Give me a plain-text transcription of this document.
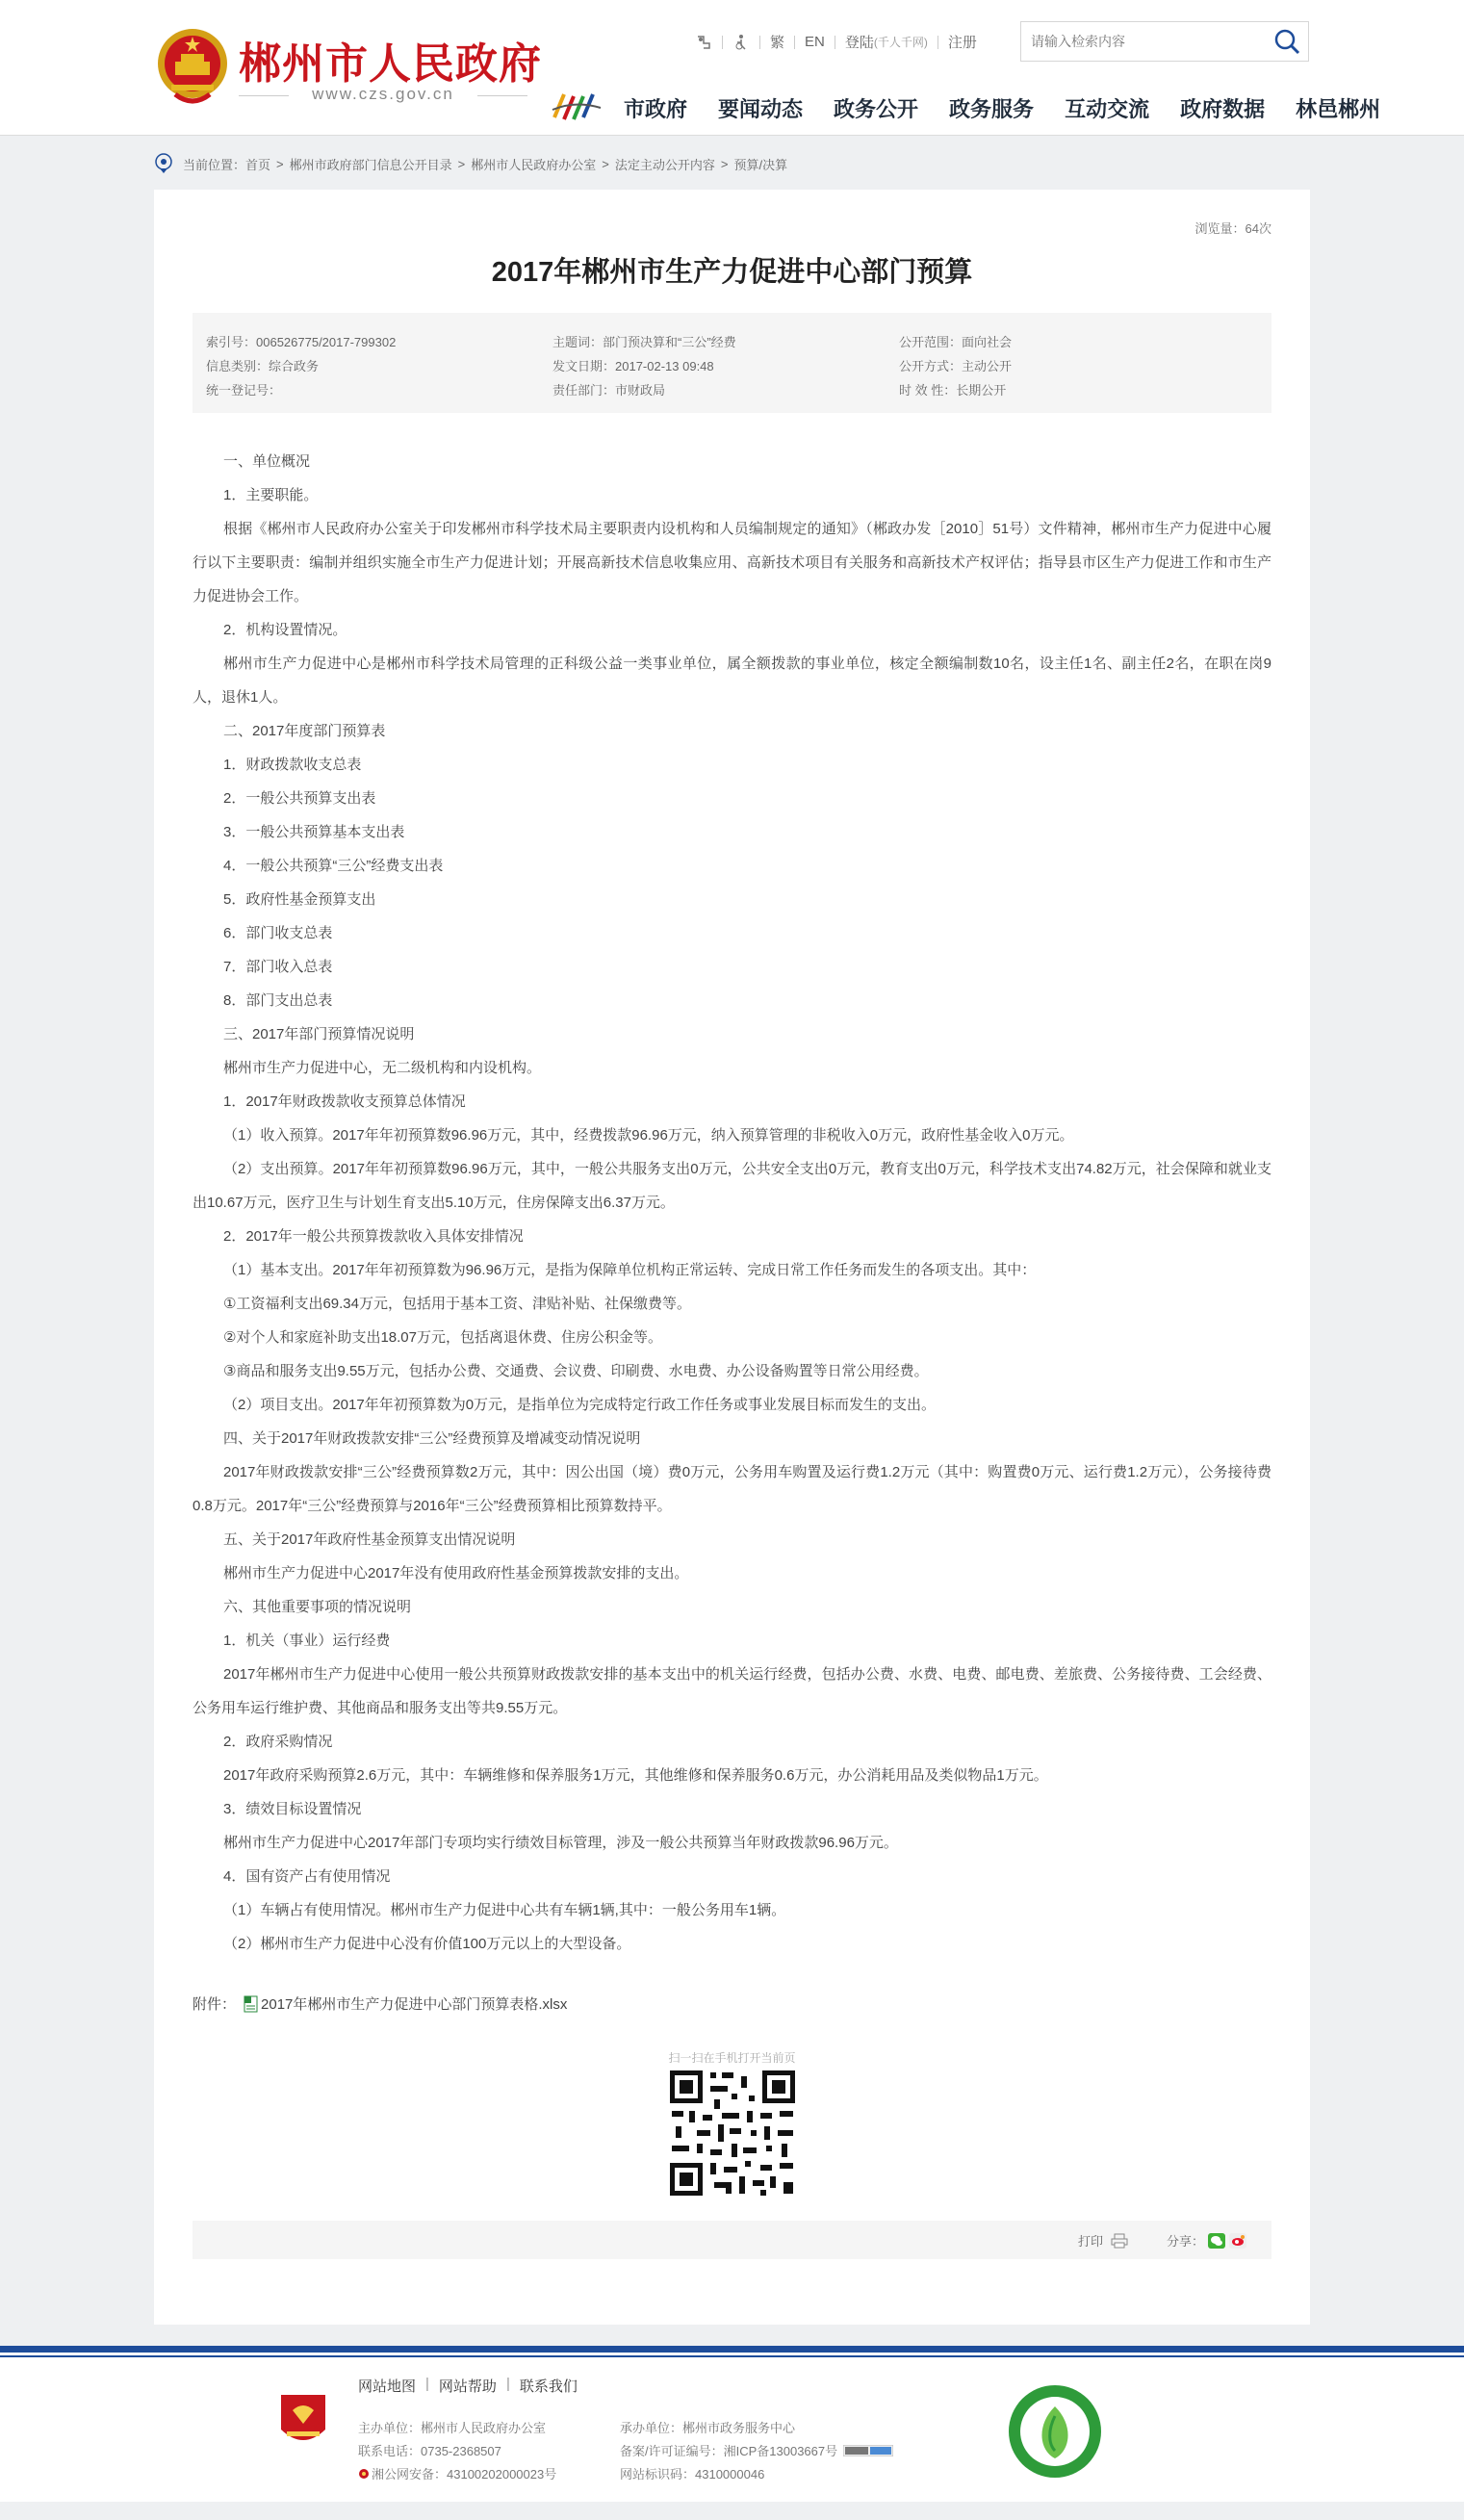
郴州市人民政府
www.czs.gov.cn
繁 EN 登陆 (千人千网) 注册
请输入检索内容
市政府 要闻动态 政务公开 政务服务 互动交流 政府数据 林邑郴州
当前位置： 首页 > 郴州市政府部门信息公开目录 > 郴州市人民政府办公室 > 法定主动公开内容 > 预算/决算
浏览量：64次
2017年郴州市生产力促进中心部门预算
索引号：006526775/2017-799302
信息类别：综合政务
统一登记号：
主题词：部门预决算和“三公”经费
发文日期：2017-02-13 09:48
责任部门：市财政局
公开范围：面向社会
公开方式：主动公开
时 效 性：长期公开

一、单位概况

1．主要职能。

根据《郴州市人民政府办公室关于印发郴州市科学技术局主要职责内设机构和人员编制规定的通知》（郴政办发［2010］51号）文件精神，郴州市生产力促进中心履行以下主要职责：编制并组织实施全市生产力促进计划；开展高新技术信息收集应用、高新技术项目有关服务和高新技术产权评估；指导县市区生产力促进工作和市生产力促进协会工作。

2．机构设置情况。

郴州市生产力促进中心是郴州市科学技术局管理的正科级公益一类事业单位，属全额拨款的事业单位，核定全额编制数10名，设主任1名、副主任2名，在职在岗9人，退休1人。

二、2017年度部门预算表

1．财政拨款收支总表

2．一般公共预算支出表

3．一般公共预算基本支出表

4．一般公共预算“三公”经费支出表

5．政府性基金预算支出

6．部门收支总表

7．部门收入总表

8．部门支出总表

三、2017年部门预算情况说明

郴州市生产力促进中心，无二级机构和内设机构。

1．2017年财政拨款收支预算总体情况

（1）收入预算。2017年年初预算数96.96万元，其中，经费拨款96.96万元，纳入预算管理的非税收入0万元，政府性基金收入0万元。

（2）支出预算。2017年年初预算数96.96万元，其中，一般公共服务支出0万元，公共安全支出0万元，教育支出0万元，科学技术支出74.82万元，社会保障和就业支出10.67万元，医疗卫生与计划生育支出5.10万元，住房保障支出6.37万元。

2．2017年一般公共预算拨款收入具体安排情况

（1）基本支出。2017年年初预算数为96.96万元，是指为保障单位机构正常运转、完成日常工作任务而发生的各项支出。其中：

①工资福利支出69.34万元，包括用于基本工资、津贴补贴、社保缴费等。

②对个人和家庭补助支出18.07万元，包括离退休费、住房公积金等。

③商品和服务支出9.55万元，包括办公费、交通费、会议费、印刷费、水电费、办公设备购置等日常公用经费。

（2）项目支出。2017年年初预算数为0万元，是指单位为完成特定行政工作任务或事业发展目标而发生的支出。

四、关于2017年财政拨款安排“三公”经费预算及增减变动情况说明

2017年财政拨款安排“三公”经费预算数2万元，其中：因公出国（境）费0万元，公务用车购置及运行费1.2万元（其中：购置费0万元、运行费1.2万元），公务接待费0.8万元。2017年“三公”经费预算与2016年“三公”经费预算相比预算数持平。

五、关于2017年政府性基金预算支出情况说明

郴州市生产力促进中心2017年没有使用政府性基金预算拨款安排的支出。

六、其他重要事项的情况说明

1．机关（事业）运行经费

2017年郴州市生产力促进中心使用一般公共预算财政拨款安排的基本支出中的机关运行经费，包括办公费、水费、电费、邮电费、差旅费、公务接待费、工会经费、公务用车运行维护费、其他商品和服务支出等共9.55万元。

2．政府采购情况

2017年政府采购预算2.6万元，其中：车辆维修和保养服务1万元，其他维修和保养服务0.6万元，办公消耗用品及类似物品1万元。

3．绩效目标设置情况

郴州市生产力促进中心2017年部门专项均实行绩效目标管理，涉及一般公共预算当年财政拨款96.96万元。

4．国有资产占有使用情况

（1）车辆占有使用情况。郴州市生产力促进中心共有车辆1辆,其中：一般公务用车1辆。

（2）郴州市生产力促进中心没有价值100万元以上的大型设备。

附件： 2017年郴州市生产力促进中心部门预算表格.xlsx
扫一扫在手机打开当前页
打印	分享：
网站地图 | 网站帮助 | 联系我们
主办单位：郴州市人民政府办公室
联系电话：0735-2368507
湘公网安备：43100202000023号
承办单位：郴州市政务服务中心
备案/许可证编号：湘ICP备13003667号
网站标识码：4310000046
